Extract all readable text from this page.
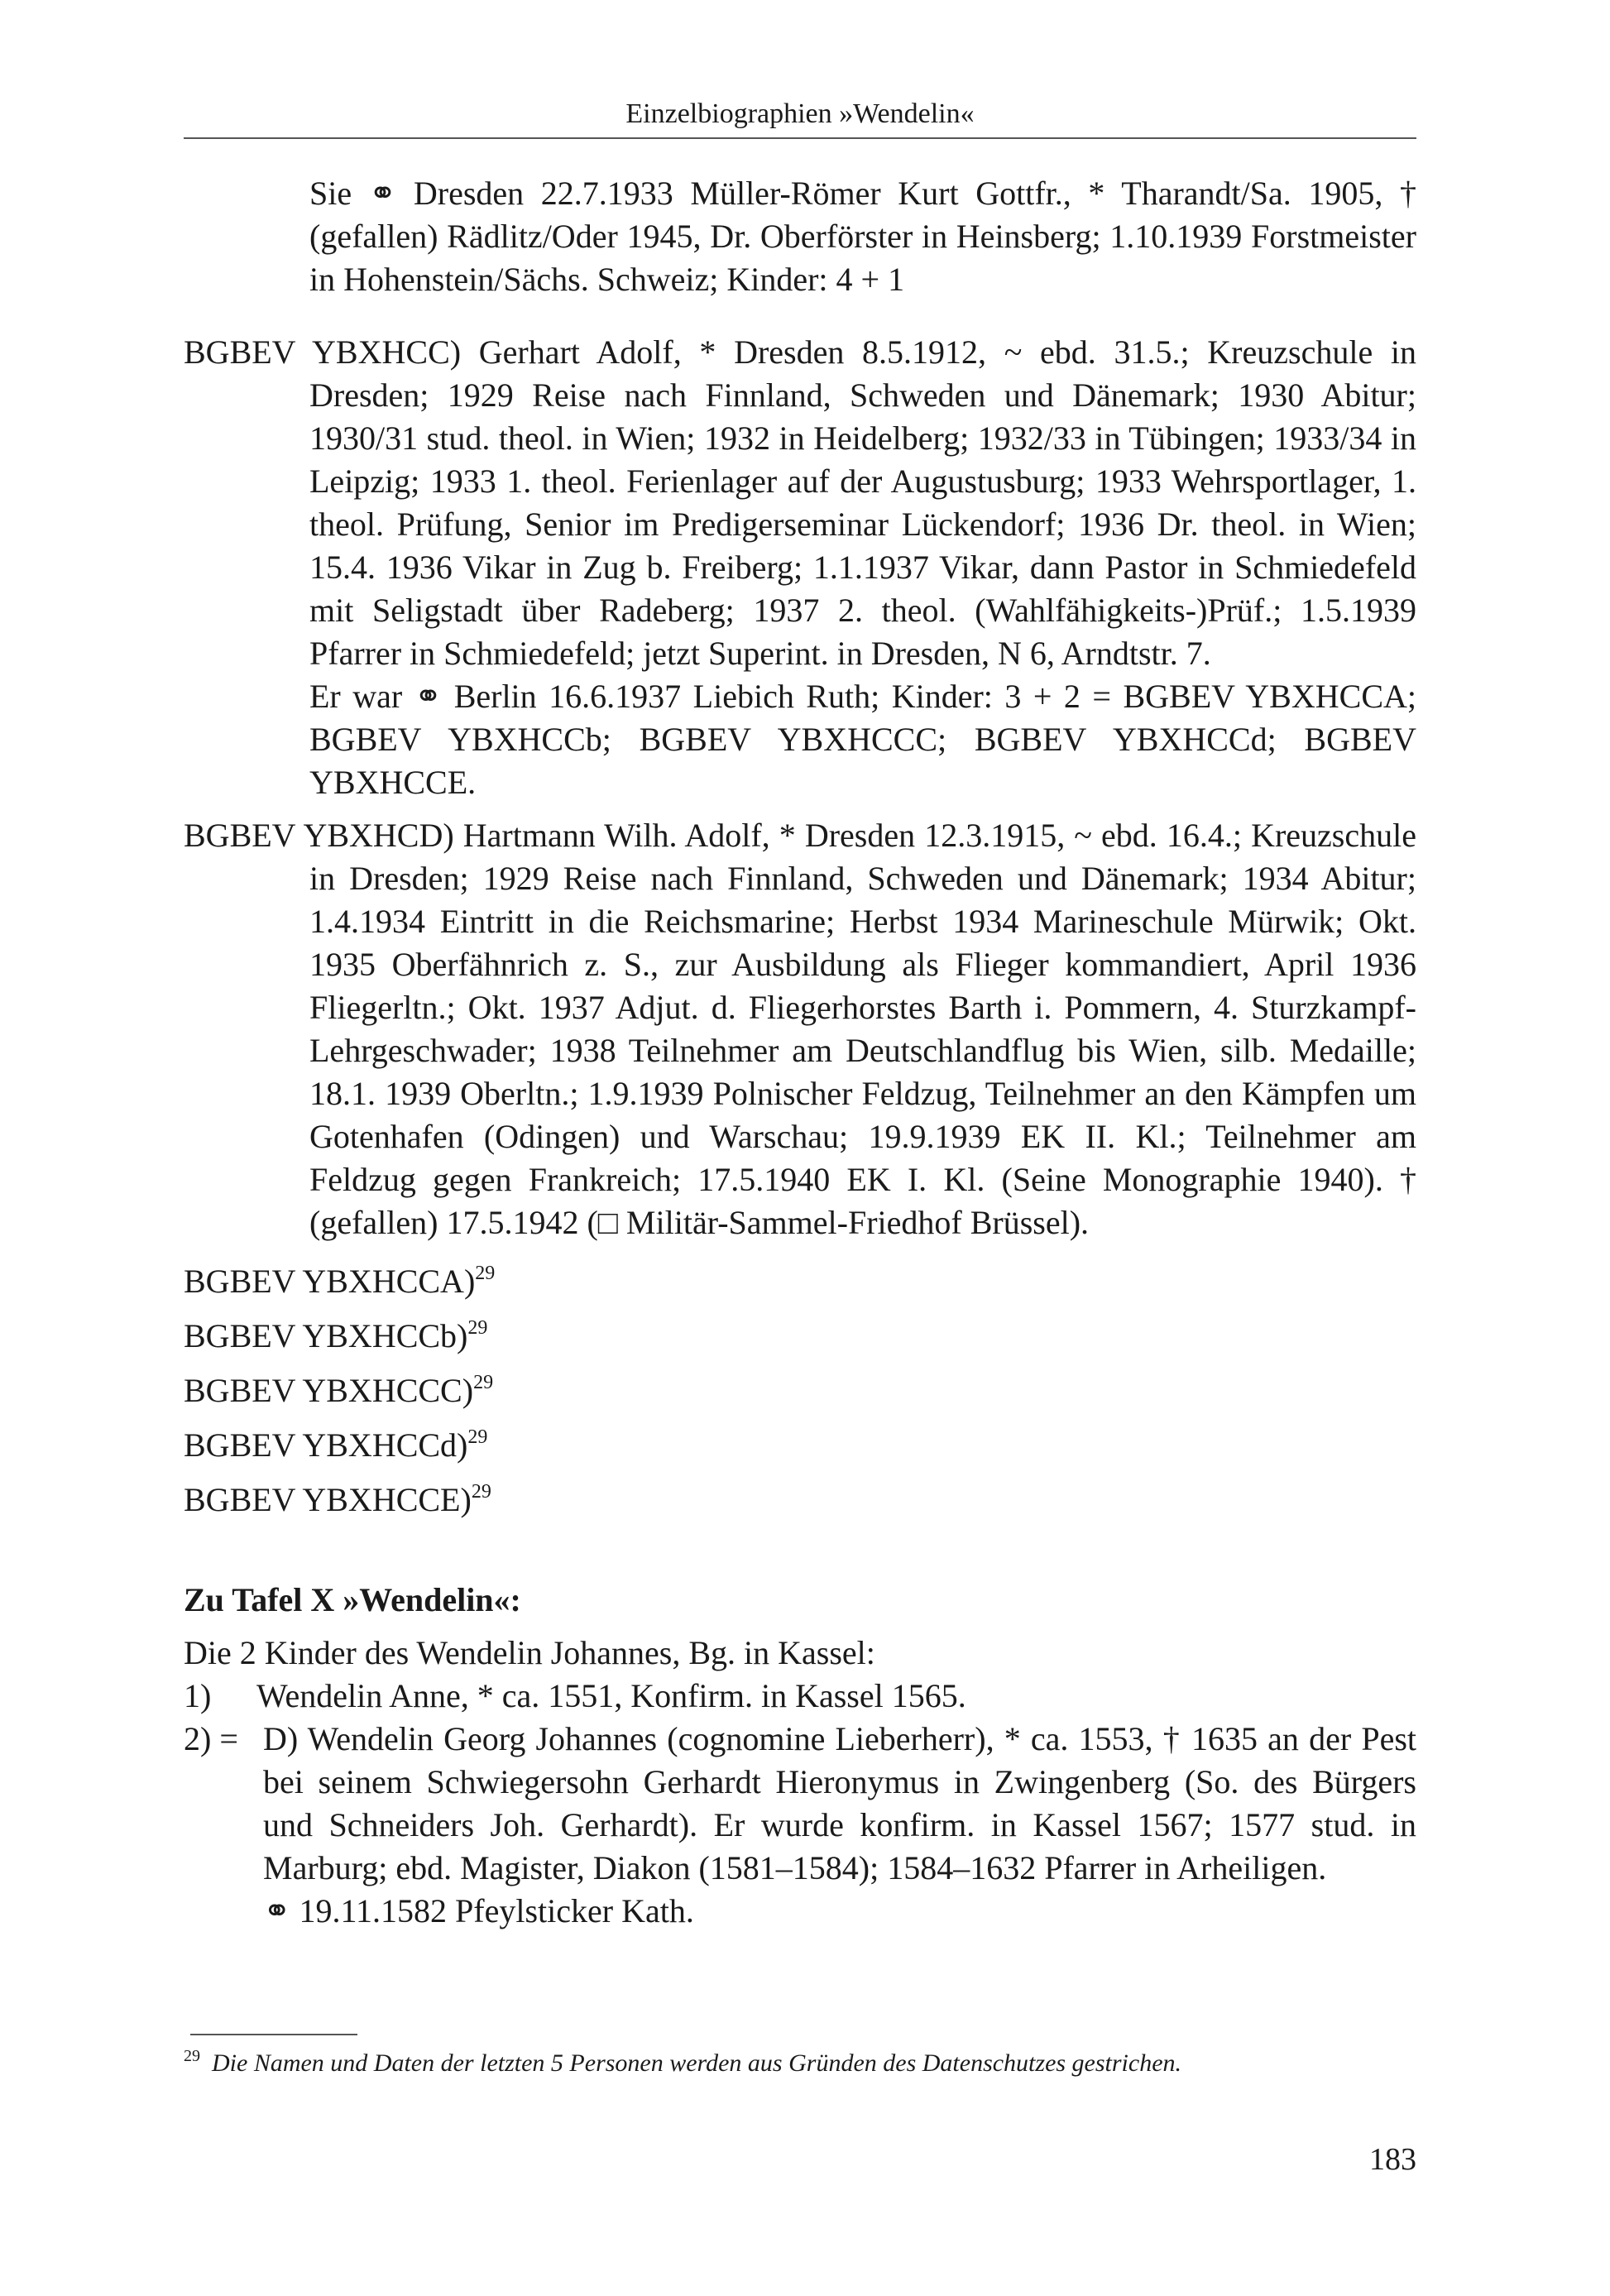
Einzelbiographien »Wendelin«

Sie ⚭ Dresden 22.7.1933 Müller-Römer Kurt Gottfr., * Tharandt/Sa. 1905, † (gefallen) Rädlitz/Oder 1945, Dr. Oberförster in Heinsberg; 1.10.1939 Forstmeister in Hohenstein/Sächs. Schweiz; Kinder: 4 + 1

BGBEV YBXHCC) Gerhart Adolf, * Dresden 8.5.1912, ~ ebd. 31.5.; Kreuzschule in Dresden; 1929 Reise nach Finnland, Schweden und Dänemark; 1930 Abitur; 1930/31 stud. theol. in Wien; 1932 in Heidelberg; 1932/33 in Tübingen; 1933/34 in Leipzig; 1933 1. theol. Ferienlager auf der Augustusburg; 1933 Wehrsportlager, 1. theol. Prüfung, Senior im Predigerseminar Lückendorf; 1936 Dr. theol. in Wien; 15.4. 1936 Vikar in Zug b. Freiberg; 1.1.1937 Vikar, dann Pastor in Schmiedefeld mit Seligstadt über Radeberg; 1937 2. theol. (Wahlfähigkeits-)Prüf.; 1.5.1939 Pfarrer in Schmiedefeld; jetzt Superint. in Dresden, N 6, Arndtstr. 7.

Er war ⚭ Berlin 16.6.1937 Liebich Ruth; Kinder: 3 + 2 = BGBEV YBXHCCA; BGBEV YBXHCCb; BGBEV YBXHCCC; BGBEV YBXHCCd; BGBEV YBXHCCE.

BGBEV YBXHCD) Hartmann Wilh. Adolf, * Dresden 12.3.1915, ~ ebd. 16.4.; Kreuzschule in Dresden; 1929 Reise nach Finnland, Schweden und Dänemark; 1934 Abitur; 1.4.1934 Eintritt in die Reichsmarine; Herbst 1934 Marineschule Mürwik; Okt. 1935 Oberfähnrich z. S., zur Ausbildung als Flieger kommandiert, April 1936 Fliegerltn.; Okt. 1937 Adjut. d. Fliegerhorstes Barth i. Pommern, 4. Sturzkampf-Lehrgeschwader; 1938 Teilnehmer am Deutschlandflug bis Wien, silb. Medaille; 18.1. 1939 Oberltn.; 1.9.1939 Polnischer Feldzug, Teilnehmer an den Kämpfen um Gotenhafen (Odingen) und Warschau; 19.9.1939 EK II. Kl.; Teilnehmer am Feldzug gegen Frankreich; 17.5.1940 EK I. Kl. (Seine Monographie 1940). † (gefallen) 17.5.1942 (□ Militär-Sammel-Friedhof Brüssel).

BGBEV YBXHCCA)$^{29}$

BGBEV YBXHCCb)$^{29}$

BGBEV YBXHCCC)$^{29}$

BGBEV YBXHCCd)$^{29}$

BGBEV YBXHCCE)$^{29}$

Zu Tafel X »Wendelin«:

Die 2 Kinder des Wendelin Johannes, Bg. in Kassel:

1)	Wendelin Anne, * ca. 1551, Konfirm. in Kassel 1565.
2) = D) Wendelin Georg Johannes (cognomine Lieberherr), * ca. 1553, † 1635 an der Pest bei seinem Schwiegersohn Gerhardt Hieronymus in Zwingenberg (So. des Bürgers und Schneiders Joh. Gerhardt). Er wurde konfirm. in Kassel 1567; 1577 stud. in Marburg; ebd. Magister, Diakon (1581–1584); 1584–1632 Pfarrer in Arheiligen.
⚭ 19.11.1582 Pfeylsticker Kath.
$^{29}$ Die Namen und Daten der letzten 5 Personen werden aus Gründen des Datenschutzes gestrichen.
183
